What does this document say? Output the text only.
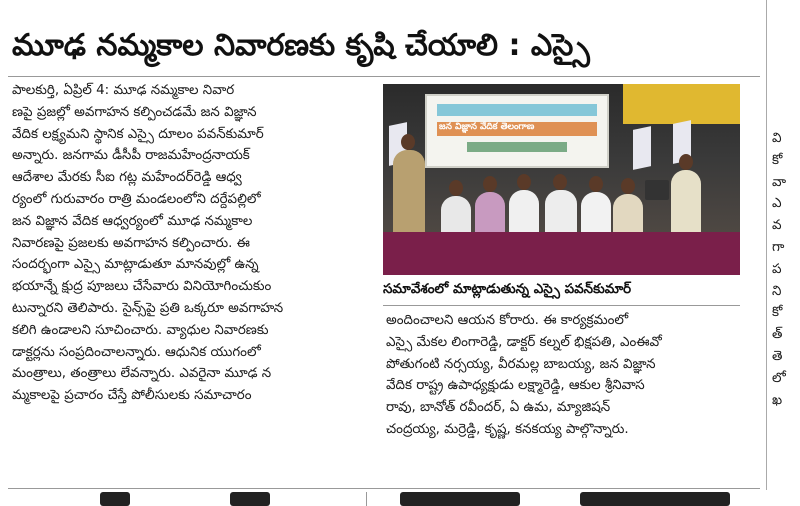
మూఢ నమ్మకాల నివారణకు కృషి చేయాలి : ఎస్సై

పాలకుర్తి, ఏప్రిల్ 4: మూఢ నమ్మకాల నివార

ణపై ప్రజల్లో అవగాహన కల్పించడమే జన విజ్ఞాన

వేదిక లక్ష్యమని స్థానిక ఎస్సై దూలం పవన్‌కుమార్

అన్నారు. జనగామ డీసీపీ రాజమహేంద్రనాయక్

ఆదేశాల మేరకు సీఐ గట్ల మహేందర్‌రెడ్డి ఆధ్వ

ర్యంలో గురువారం రాత్రి మండలంలోని దర్దేపల్లిలో

జన విజ్ఞాన వేదిక ఆధ్వర్యంలో మూఢ నమ్మకాల

నివారణపై ప్రజలకు అవగాహన కల్పించారు. ఈ

సందర్భంగా ఎస్సై మాట్లాడుతూ మానవుల్లో ఉన్న

భయాన్నే క్షుద్ర పూజలు చేసేవారు వినియోగించుకుం

టున్నారని తెలిపారు. సైన్స్‌పై ప్రతి ఒక్కరూ అవగాహన

కలిగి ఉండాలని సూచించారు. వ్యాధుల నివారణకు

డాక్టర్లను సంప్రదించాలన్నారు. ఆధునిక యుగంలో

మంత్రాలు, తంత్రాలు లేవన్నారు. ఎవరైనా మూఢ న

మ్మకాలపై ప్రచారం చేస్తే పోలీసులకు సమాచారం

జన విజ్ఞాన వేదిక తెలంగాణ
సమావేశంలో మాట్లాడుతున్న ఎస్సై పవన్‌కుమార్

అందించాలని ఆయన కోరారు. ఈ కార్యక్రమంలో

ఎస్సై మేకల లింగారెడ్డి, డాక్టర్ కల్నల్ భిక్షపతి, ఎంఈవో

పోతుగంటి నర్సయ్య, వీరమల్ల బాబయ్య, జన విజ్ఞాన

వేదిక రాష్ట్ర ఉపాధ్యక్షుడు లక్ష్మారెడ్డి, ఆకుల శ్రీనివాస

రావు, బానోత్ రవీందర్, ఏ ఉమ, మ్యాజిషన్

చంద్రయ్య, మర్రెడ్డి, కృష్ణ, కనకయ్య పాల్గొన్నారు.

వి

కో

వా

ఎ

వ

గా

ప

ని

కో

త్

తె

లో

ఖ
